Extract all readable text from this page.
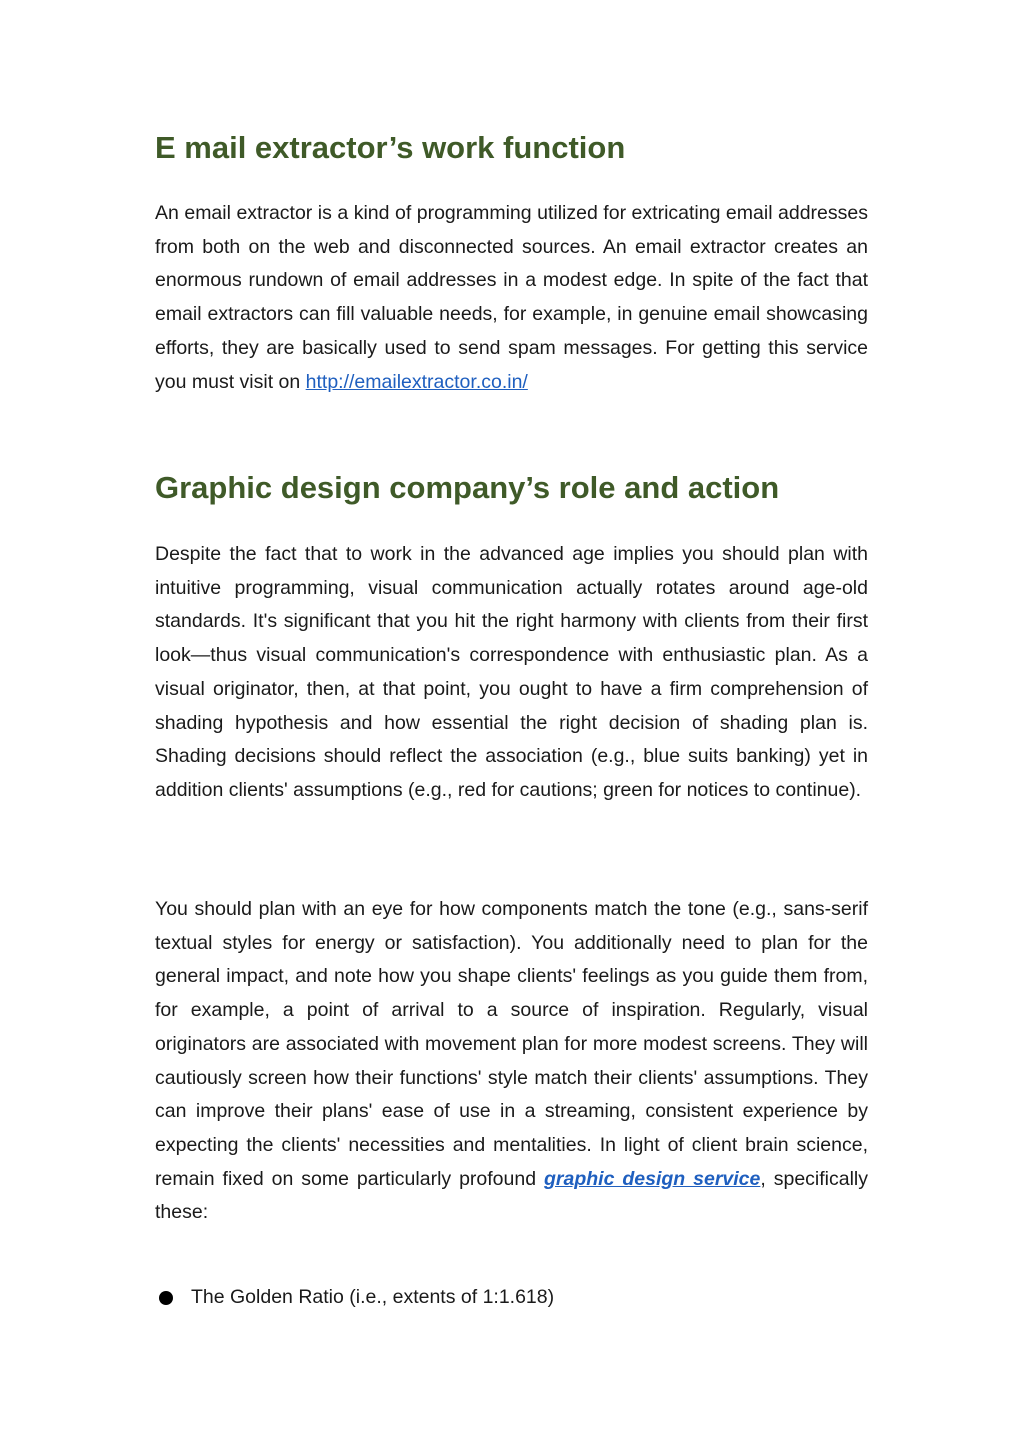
E mail extractor’s work function

An email extractor is a kind of programming utilized for extricating email addresses from both on the web and disconnected sources. An email extractor creates an enormous rundown of email addresses in a modest edge. In spite of the fact that email extractors can fill valuable needs, for example, in genuine email showcasing efforts, they are basically used to send spam messages. For getting this service you must visit on http://emailextractor.co.in/

Graphic design company’s role and action

Despite the fact that to work in the advanced age implies you should plan with intuitive programming, visual communication actually rotates around age-old standards. It's significant that you hit the right harmony with clients from their first look—thus visual communication's correspondence with enthusiastic plan. As a visual originator, then, at that point, you ought to have a firm comprehension of shading hypothesis and how essential the right decision of shading plan is. Shading decisions should reflect the association (e.g., blue suits banking) yet in addition clients' assumptions (e.g., red for cautions; green for notices to continue).

You should plan with an eye for how components match the tone (e.g., sans-serif textual styles for energy or satisfaction). You additionally need to plan for the general impact, and note how you shape clients' feelings as you guide them from, for example, a point of arrival to a source of inspiration. Regularly, visual originators are associated with movement plan for more modest screens. They will cautiously screen how their functions' style match their clients' assumptions. They can improve their plans' ease of use in a streaming, consistent experience by expecting the clients' necessities and mentalities. In light of client brain science, remain fixed on some particularly profound graphic design service, specifically these:

The Golden Ratio (i.e., extents of 1:1.618)
